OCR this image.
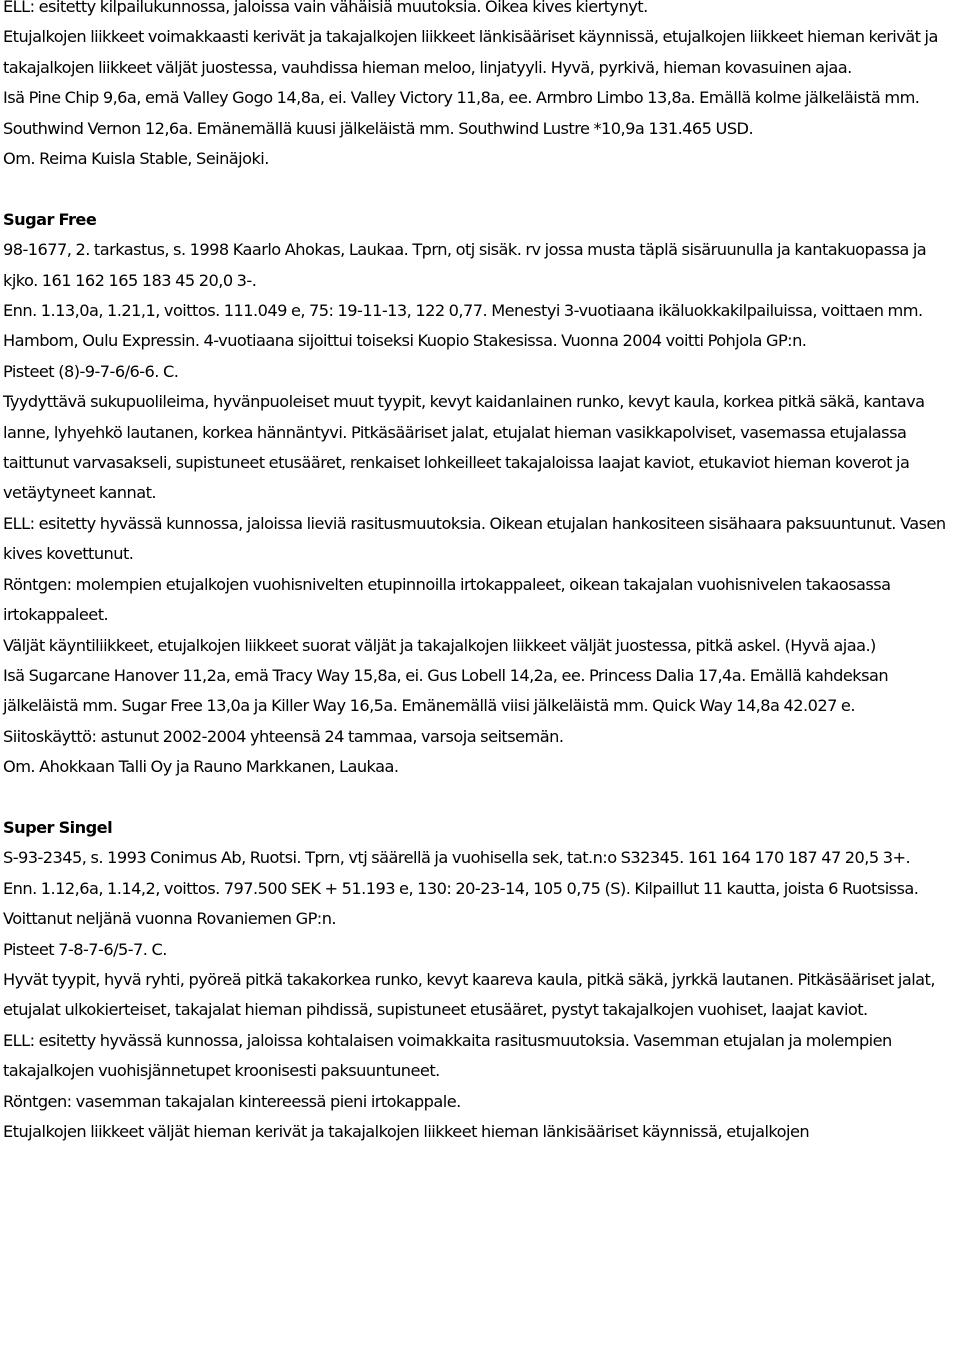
ELL: esitetty kilpailukunnossa, jaloissa vain vähäisiä muutoksia. Oikea kives kiertynyt.

Etujalkojen liikkeet voimakkaasti kerivät ja takajalkojen liikkeet länkisääriset käynnissä, etujalkojen liikkeet hieman kerivät ja takajalkojen liikkeet väljät juostessa, vauhdissa hieman meloo, linjatyyli. Hyvä, pyrkivä, hieman kovasuinen ajaa.

Isä Pine Chip 9,6a, emä Valley Gogo 14,8a, ei. Valley Victory 11,8a, ee. Armbro Limbo 13,8a. Emällä kolme jälkeläistä mm. Southwind Vernon 12,6a. Emänemällä kuusi jälkeläistä mm. Southwind Lustre *10,9a 131.465 USD.

Om. Reima Kuisla Stable, Seinäjoki.

Sugar Free

98-1677, 2. tarkastus, s. 1998 Kaarlo Ahokas, Laukaa. Tprn, otj sisäk. rv jossa musta täplä sisäruunulla ja kantakuopassa ja kjko. 161 162 165 183 45 20,0 3-.

Enn. 1.13,0a, 1.21,1, voittos. 111.049 e, 75: 19-11-13, 122 0,77. Menestyi 3-vuotiaana ikäluokkakilpailuissa, voittaen mm. Hambom, Oulu Expressin. 4-vuotiaana sijoittui toiseksi Kuopio Stakesissa. Vuonna 2004 voitti Pohjola GP:n.

Pisteet (8)-9-7-6/6-6. C.

Tyydyttävä sukupuolileima, hyvänpuoleiset muut tyypit, kevyt kaidanlainen runko, kevyt kaula, korkea pitkä säkä, kantava lanne, lyhyehkö lautanen, korkea hännäntyvi. Pitkäsääriset jalat, etujalat hieman vasikkapolviset, vasemassa etujalassa taittunut varvasakseli, supistuneet etusääret, renkaiset lohkeilleet takajaloissa laajat kaviot, etukaviot hieman koverot ja vetäytyneet kannat.

ELL: esitetty hyvässä kunnossa, jaloissa lieviä rasitusmuutoksia. Oikean etujalan hankositeen sisähaara paksuuntunut. Vasen kives kovettunut.

Röntgen: molempien etujalkojen vuohisnivelten etupinnoilla irtokappaleet, oikean takajalan vuohisnivelen takaosassa irtokappaleet.

Väljät käyntiliikkeet, etujalkojen liikkeet suorat väljät ja takajalkojen liikkeet väljät juostessa, pitkä askel. (Hyvä ajaa.)

Isä Sugarcane Hanover 11,2a, emä Tracy Way 15,8a, ei. Gus Lobell 14,2a, ee. Princess Dalia 17,4a. Emällä kahdeksan jälkeläistä mm. Sugar Free 13,0a ja Killer Way 16,5a. Emänemällä viisi jälkeläistä mm. Quick Way 14,8a 42.027 e.

Siitoskäyttö: astunut 2002-2004 yhteensä 24 tammaa, varsoja seitsemän.

Om. Ahokkaan Talli Oy ja Rauno Markkanen, Laukaa.

Super Singel

S-93-2345, s. 1993 Conimus Ab, Ruotsi. Tprn, vtj säärellä ja vuohisella sek, tat.n:o S32345. 161 164 170 187 47 20,5 3+.

Enn. 1.12,6a, 1.14,2, voittos. 797.500 SEK + 51.193 e, 130: 20-23-14, 105 0,75 (S). Kilpaillut 11 kautta, joista 6 Ruotsissa. Voittanut neljänä vuonna Rovaniemen GP:n.

Pisteet 7-8-7-6/5-7. C.

Hyvät tyypit, hyvä ryhti, pyöreä pitkä takakorkea runko, kevyt kaareva kaula, pitkä säkä, jyrkkä lautanen. Pitkäsääriset jalat, etujalat ulkokierteiset, takajalat hieman pihdissä, supistuneet etusääret, pystyt takajalkojen vuohiset, laajat kaviot.

ELL: esitetty hyvässä kunnossa, jaloissa kohtalaisen voimakkaita rasitusmuutoksia. Vasemman etujalan ja molempien takajalkojen vuohisjännetupet kroonisesti paksuuntuneet.

Röntgen: vasemman takajalan kintereessä pieni irtokappale.

Etujalkojen liikkeet väljät hieman kerivät ja takajalkojen liikkeet hieman länkisääriset käynnissä, etujalkojen
